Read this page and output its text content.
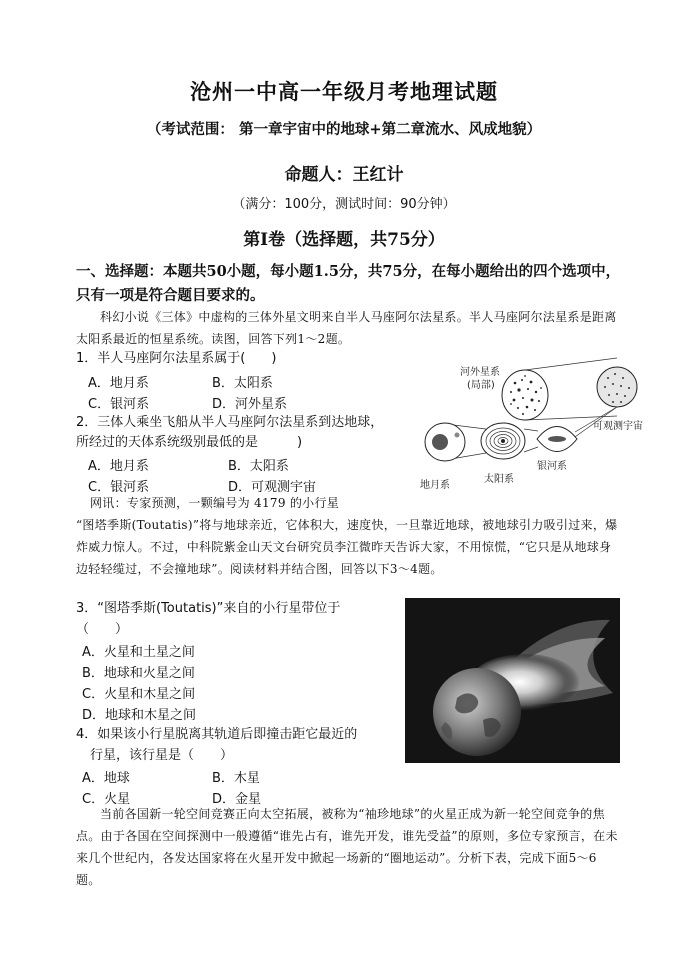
沧州一中高一年级月考地理试题
（考试范围： 第一章宇宙中的地球+第二章流水、风成地貌）
命题人：王红计
（满分：100分，测试时间：90分钟）
第Ⅰ卷（选择题，共75分）
一、选择题：本题共50小题，每小题1.5分，共75分，在每小题给出的四个选项中，只有一项是符合题目要求的。
科幻小说《三体》中虚构的三体外星文明来自半人马座阿尔法星系。半人马座阿尔法星系是距离太阳系最近的恒星系统。读图，回答下列1～2题。
1．半人马座阿尔法星系属于(　　)
A．地月系	B．太阳系
C．银河系	D．河外星系
2．三体人乘坐飞船从半人马座阿尔法星系到达地球，
所经过的天体系统级别最低的是　　　)
A．地月系	B．太阳系
C．银河系	D．可观测宇宙
河外星系
(局部)
可观测宇宙
银河系
太阳系
地月系
网讯：专家预测，一颗编号为 4179 的小行星
“图塔季斯(Toutatis)”将与地球亲近，它体积大，速度快，一旦靠近地球，被地球引力吸引过来，爆炸威力惊人。不过，中科院紫金山天文台研究员李江微昨天告诉大家，不用惊慌，“它只是从地球身边轻轻缆过，不会撞地球”。阅读材料并结合图，回答以下3～4题。
3．“图塔季斯(Toutatis)”来自的小行星带位于
（　　）
A．火星和土星之间
B．地球和火星之间
C．火星和木星之间
D．地球和木星之间
4．如果该小行星脱离其轨道后即撞击距它最近的
行星，该行星是（　　）
A．地球	B．木星
C．火星	D．金星
当前各国新一轮空间竞赛正向太空拓展，被称为“袖珍地球”的火星正成为新一轮空间竞争的焦点。由于各国在空间探测中一般遵循“谁先占有，谁先开发，谁先受益”的原则，多位专家预言，在未来几个世纪内，各发达国家将在火星开发中掀起一场新的“圈地运动”。分析下表，完成下面5～6题。
